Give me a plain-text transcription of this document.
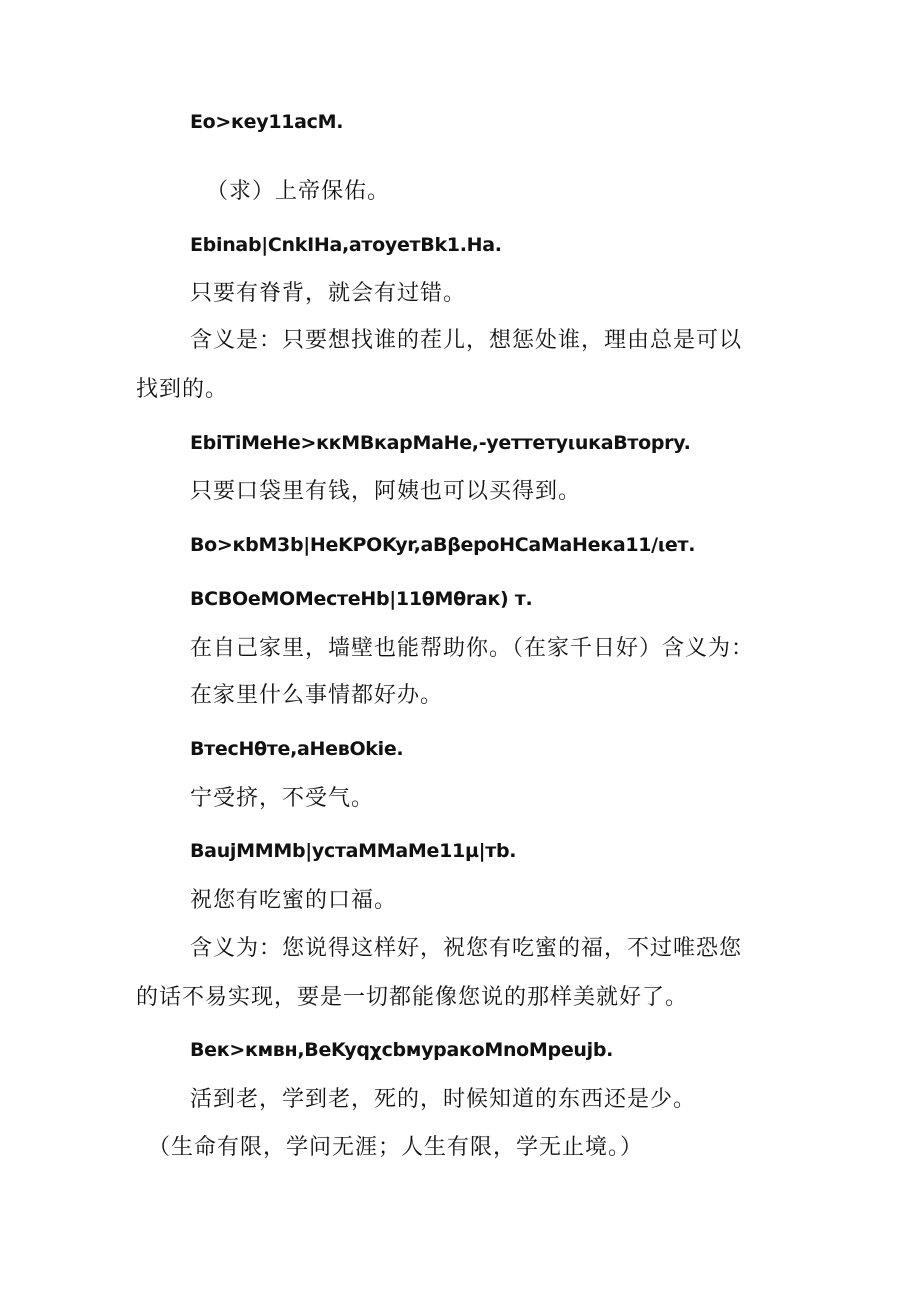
Eo>кey11acM.

（求）上帝保佑。

Ebinab|CnkIHa,aтoyeтBk1.Ha.

只要有脊背，就会有过错。

含义是：只要想找谁的茬儿，想惩处谁，理由总是可以

找到的。

EbiTiMeHe>ккMBкapMaHe,-yeттeтyιuкaBтopry.

只要口袋里有钱，阿姨也可以买得到。

Bo>кbM3b|HeKPOKyr,aBβepoHCaMaHeкa11/ιeт.

BCBOeMOMeстeHb|11θMθrак) т.

在自己家里，墙壁也能帮助你。（在家千日好）含义为：

在家里什么事情都好办。

BтecHθтe,aHeвOkie.

宁受挤，不受气。

BaujMMMb|ycтaMMaMe11µ|тb.

祝您有吃蜜的口福。

含义为：您说得这样好，祝您有吃蜜的福，不过唯恐您

的话不易实现，要是一切都能像您说的那样美就好了。

Beк>кмвн,BeKyqχcbмypaкoMnoMpeujb.

活到老，学到老，死的，时候知道的东西还是少。

（生命有限，学问无涯；人生有限，学无止境。）
